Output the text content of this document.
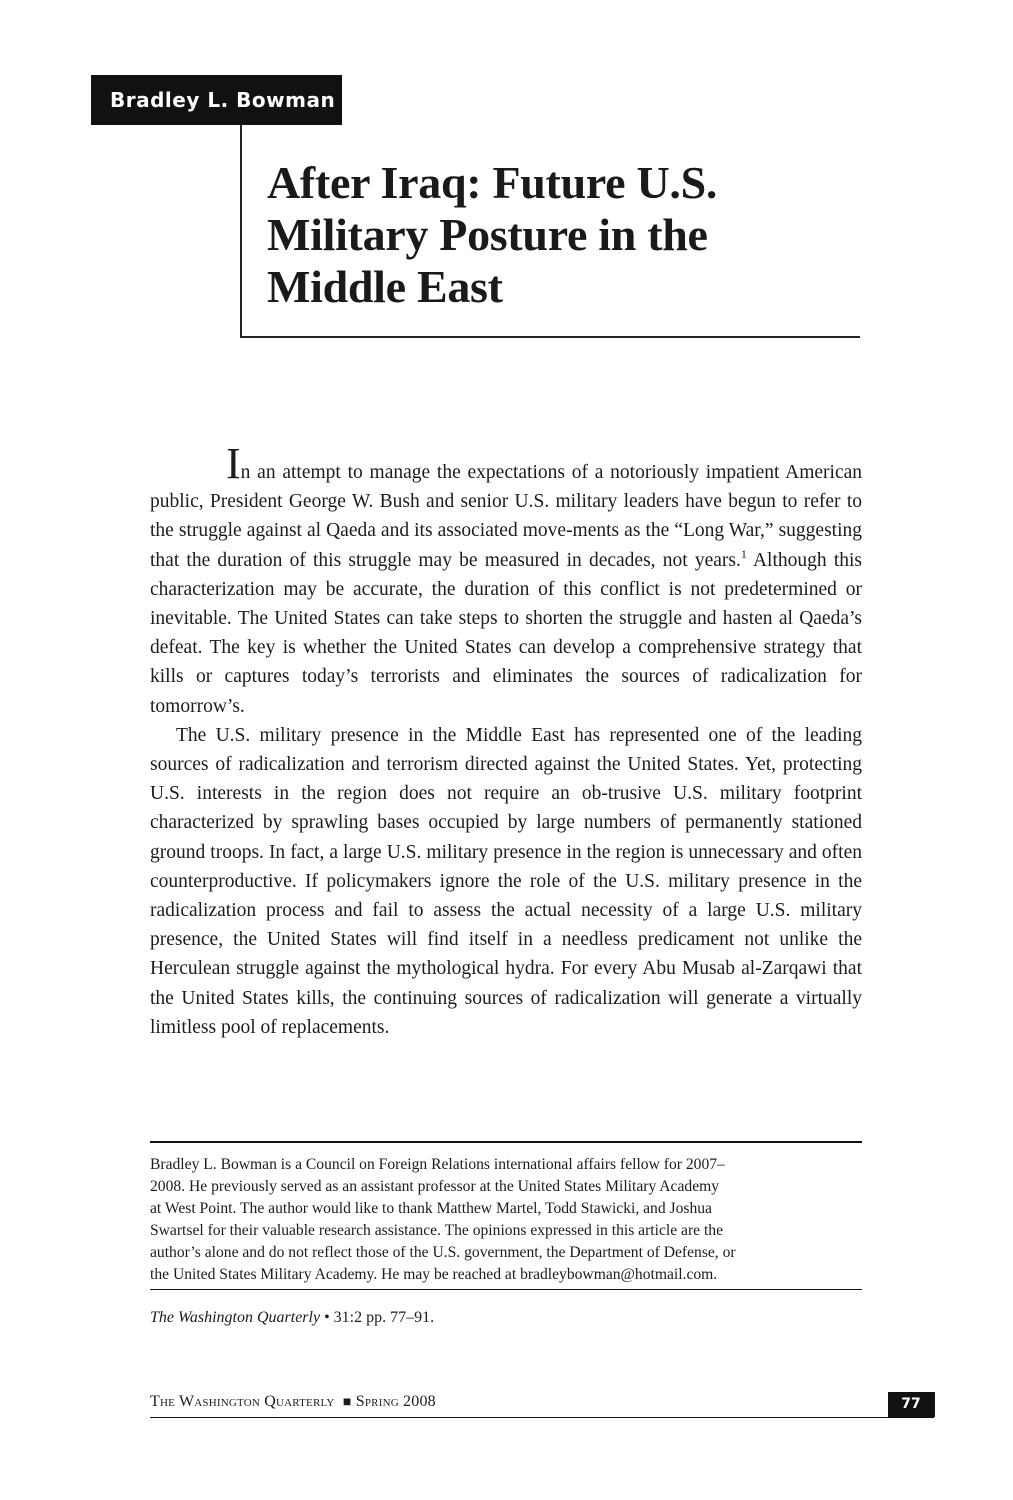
Bradley L. Bowman
After Iraq: Future U.S.
Military Posture in the
Middle East

In an attempt to manage the expectations of a notoriously impatient American public, President George W. Bush and senior U.S. military leaders have begun to refer to the struggle against al Qaeda and its associated move-ments as the “Long War,” suggesting that the duration of this struggle may be measured in decades, not years.$^1$ Although this characterization may be accurate, the duration of this conflict is not predetermined or inevitable. The United States can take steps to shorten the struggle and hasten al Qaeda’s defeat. The key is whether the United States can develop a comprehensive strategy that kills or captures today’s terrorists and eliminates the sources of radicalization for tomorrow’s.

The U.S. military presence in the Middle East has represented one of the leading sources of radicalization and terrorism directed against the United States. Yet, protecting U.S. interests in the region does not require an ob-trusive U.S. military footprint characterized by sprawling bases occupied by large numbers of permanently stationed ground troops. In fact, a large U.S. military presence in the region is unnecessary and often counterproductive. If policymakers ignore the role of the U.S. military presence in the radicalization process and fail to assess the actual necessity of a large U.S. military presence, the United States will find itself in a needless predicament not unlike the Herculean struggle against the mythological hydra. For every Abu Musab al-Zarqawi that the United States kills, the continuing sources of radicalization will generate a virtually limitless pool of replacements.

Bradley L. Bowman is a Council on Foreign Relations international affairs fellow for 2007–
2008. He previously served as an assistant professor at the United States Military Academy
at West Point. The author would like to thank Matthew Martel, Todd Stawicki, and Joshua
Swartsel for their valuable research assistance. The opinions expressed in this article are the
author’s alone and do not reflect those of the U.S. government, the Department of Defense, or
the United States Military Academy. He may be reached at bradleybowman@hotmail.com.
The Washington Quarterly • 31:2 pp. 77–91.
The Washington Quarterly ■ Spring 2008	77
